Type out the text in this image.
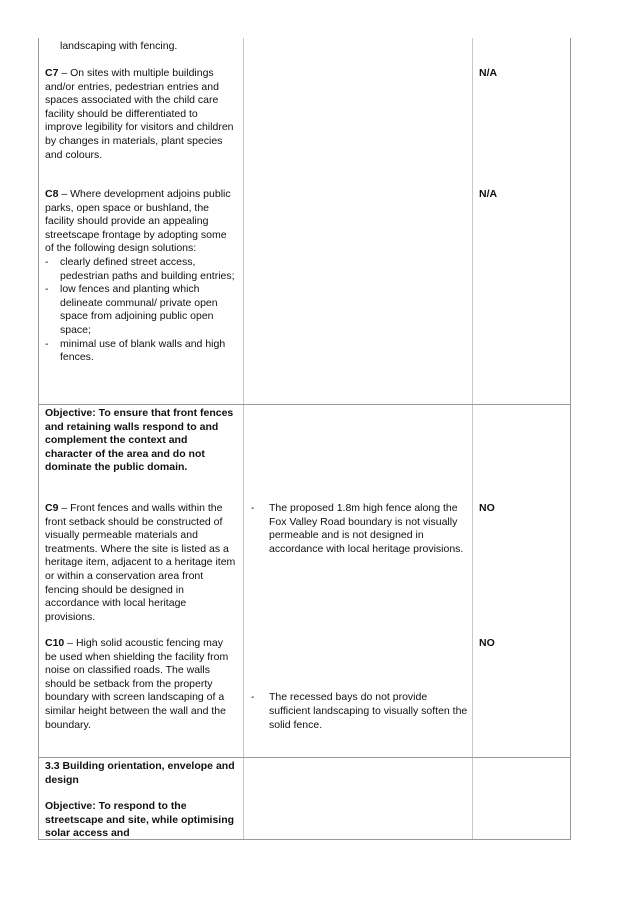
landscaping with fencing.

C7 – On sites with multiple buildings and/or entries, pedestrian entries and spaces associated with the child care facility should be differentiated to improve legibility for visitors and children by changes in materials, plant species and colours.

N/A

C8 – Where development adjoins public parks, open space or bushland, the facility should provide an appealing streetscape frontage by adopting some of the following design solutions:
- clearly defined street access, pedestrian paths and building entries;
- low fences and planting which delineate communal/ private open space from adjoining public open space;
- minimal use of blank walls and high fences.

N/A

Objective: To ensure that front fences and retaining walls respond to and complement the context and character of the area and do not dominate the public domain.

C9 – Front fences and walls within the front setback should be constructed of visually permeable materials and treatments. Where the site is listed as a heritage item, adjacent to a heritage item or within a conservation area front fencing should be designed in accordance with local heritage provisions.

- The proposed 1.8m high fence along the Fox Valley Road boundary is not visually permeable and is not designed in accordance with local heritage provisions.

NO

C10 – High solid acoustic fencing may be used when shielding the facility from noise on classified roads. The walls should be setback from the property boundary with screen landscaping of a similar height between the wall and the boundary.

- The recessed bays do not provide sufficient landscaping to visually soften the solid fence.

NO

3.3 Building orientation, envelope and design

Objective: To respond to the streetscape and site, while optimising solar access and
